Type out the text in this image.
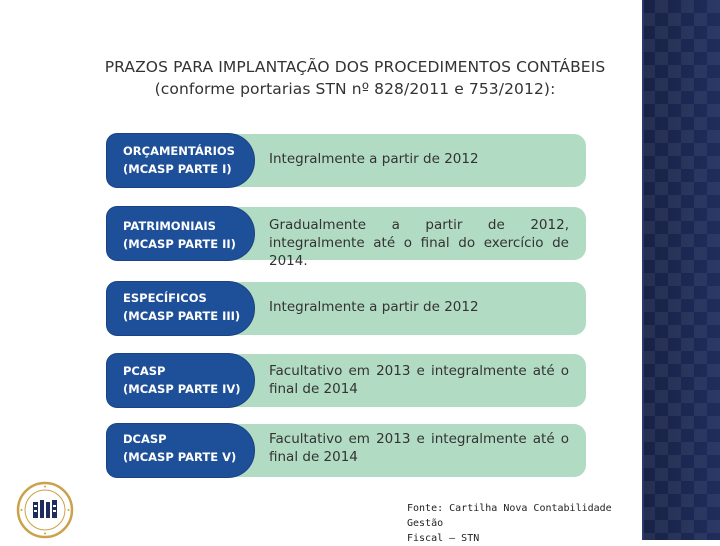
PRAZOS PARA IMPLANTAÇÃO DOS PROCEDIMENTOS CONTÁBEIS
(conforme portarias STN nº 828/2011 e 753/2012):
ORÇAMENTÁRIOS
(MCASP PARTE I)
Integralmente a partir de 2012
PATRIMONIAIS
(MCASP PARTE II)
Gradualmente a partir de 2012, integralmente até o final do exercício de 2014.
ESPECÍFICOS
(MCASP PARTE III)
Integralmente a partir de 2012
PCASP
(MCASP PARTE IV)
Facultativo em 2013 e integralmente até o final de 2014
DCASP
(MCASP PARTE V)
Facultativo em 2013 e integralmente até o final de 2014
Fonte: Cartilha Nova Contabilidade Gestão
Fiscal – STN
